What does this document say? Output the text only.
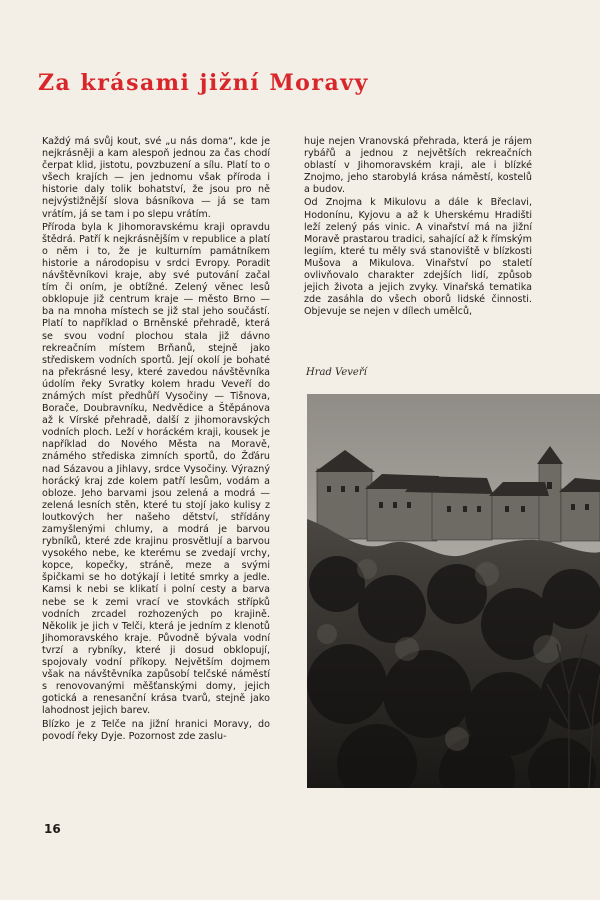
Za krásami jižní Moravy

Každý má svůj kout, své „u nás doma“, kde je nejkrásněji a kam alespoň jednou za čas chodí čerpat klid, jistotu, povzbuzení a sílu. Platí to o všech krajích — jen jednomu však příroda i historie daly tolik bohatství, že jsou pro ně nejvýstižnější slova básníkova — já se tam vrátím, já se tam i po slepu vrátím.

Příroda byla k Jihomoravskému kraji opravdu štědrá. Patří k nejkrásnějším v republice a platí o něm i to, že je kulturním památníkem historie a národopisu v srdci Evropy. Poradit návštěvníkovi kraje, aby své putování začal tím či oním, je obtížné. Zelený věnec lesů obklopuje již centrum kraje — město Brno — ba na mnoha místech se již stal jeho součástí. Platí to například o Brněnské přehradě, která se svou vodní plochou stala již dávno rekreačním místem Brňanů, stejně jako střediskem vodních sportů. Její okolí je bohaté na překrásné lesy, které zavedou návštěvníka údolím řeky Svratky kolem hradu Veveří do známých míst předhůří Vysočiny — Tišnova, Borače, Doubravníku, Nedvědice a Štěpánova až k Vírské přehradě, další z jihomoravských vodních ploch. Leží v horáckém kraji, kousek je například do Nového Města na Moravě, známého střediska zimních sportů, do Žďáru nad Sázavou a Jihlavy, srdce Vysočiny. Výrazný horácký kraj zde kolem patří lesům, vodám a obloze. Jeho barvami jsou zelená a modrá — zelená lesních stěn, které tu stojí jako kulisy z loutkových her našeho dětství, střídány zamyšlenými chlumy, a modrá je barvou rybníků, které zde krajinu prosvětlují a barvou vysokého nebe, ke kterému se zvedají vrchy, kopce, kopečky, stráně, meze a svými špičkami se ho dotýkají i letité smrky a jedle. Kamsi k nebi se klikatí i polní cesty a barva nebe se k zemi vrací ve stovkách střípků vodních zrcadel rozhozených po krajině. Několik je jich v Telči, která je jedním z klenotů Jihomoravského kraje. Původně bývala vodní tvrzí a rybníky, které ji dosud obklopují, spojovaly vodní příkopy. Největším dojmem však na návštěvníka zapůsobí telčské náměstí s renovovanými měšťanskými domy, jejich gotická a renesanční krása tvarů, stejně jako lahodnost jejich barev.

Blízko je z Telče na jižní hranici Moravy, do povodí řeky Dyje. Pozornost zde zaslu-

huje nejen Vranovská přehrada, která je rájem rybářů a jednou z největších rekreačních oblastí v Jihomoravském kraji, ale i blízké Znojmo, jeho starobylá krása náměstí, kostelů a budov.

Od Znojma k Mikulovu a dále k Břeclavi, Hodonínu, Kyjovu a až k Uherskému Hradišti leží zelený pás vinic. A vinařství má na jižní Moravě prastarou tradici, sahající až k římským legiím, které tu měly svá stanoviště v blízkosti Mušova a Mikulova. Vinařství po staletí ovlivňovalo charakter zdejších lidí, způsob jejich života a jejich zvyky. Vinařská tematika zde zasáhla do všech oborů lidské činnosti. Objevuje se nejen v dílech umělců,

Hrad Veveří
16
